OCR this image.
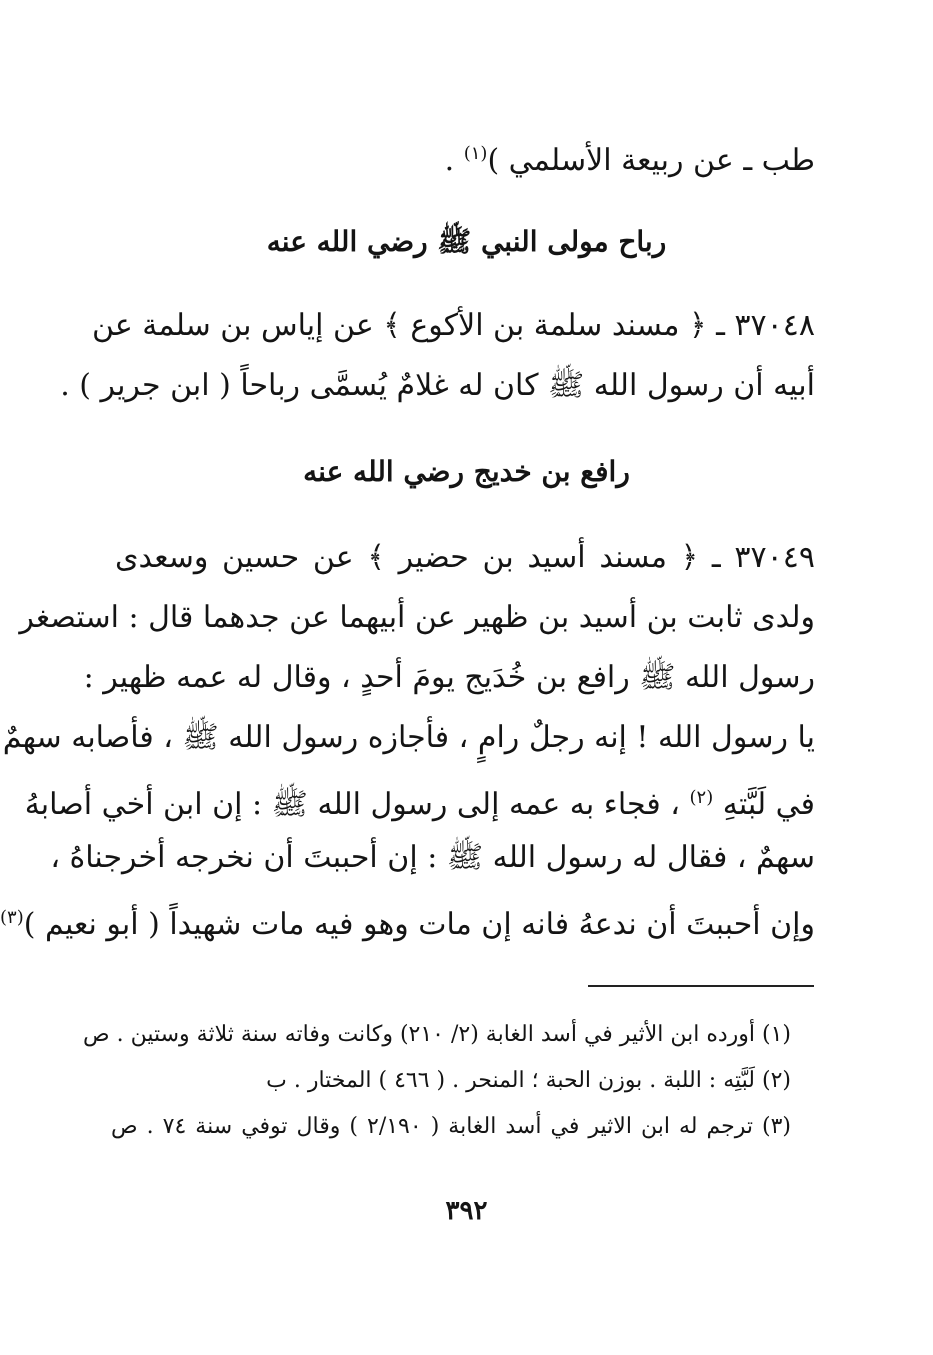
طب ـ عن ربيعة الأسلمي )$^{(١)}$ .
رباح مولى النبي ﷺ رضي الله عنه
٣٧٠٤٨ ـ ﴿ مسند سلمة بن الأكوع ﴾ عن إياس بن سلمة عن
أبيه أن رسول الله ﷺ كان له غلامٌ يُسمَّى رباحاً ( ابن جرير ) .
رافع بن خديج رضي الله عنه
٣٧٠٤٩ ـ ﴿ مسند أسيد بن حضير ﴾ عن حسين وسعدى
ولدى ثابت بن أسيد بن ظهير عن أبيهما عن جدهما قال : استصغر
رسول الله ﷺ رافع بن خُدَيج يومَ أحدٍ ، وقال له عمه ظهير :
يا رسول الله ! إنه رجلٌ رامٍ ، فأجازه رسول الله ﷺ ، فأصابه سهمٌ
في لَبَّتهِ $^{(٢)}$ ، فجاء به عمه إلى رسول الله ﷺ : إن ابن أخي أصابهُ
سهمٌ ، فقال له رسول الله ﷺ : إن أحببتَ أن نخرجه أخرجناهُ ،
وإن أحببتَ أن ندعهُ فانه إن مات وهو فيه مات شهيداً ( أبو نعيم )$^{(٣)}$
(١) أورده ابن الأثير في أسد الغابة (٢/ ٢١٠) وكانت وفاته سنة ثلاثة وستين . ص
(٢) لَبَّتِه : اللبة . بوزن الحبة ؛ المنحر . ( ٤٦٦ ) المختار . ب
(٣) ترجم له ابن الاثير في أسد الغابة ( ٢/١٩٠ ) وقال توفي سنة ٧٤ . ص
٣٩٢
